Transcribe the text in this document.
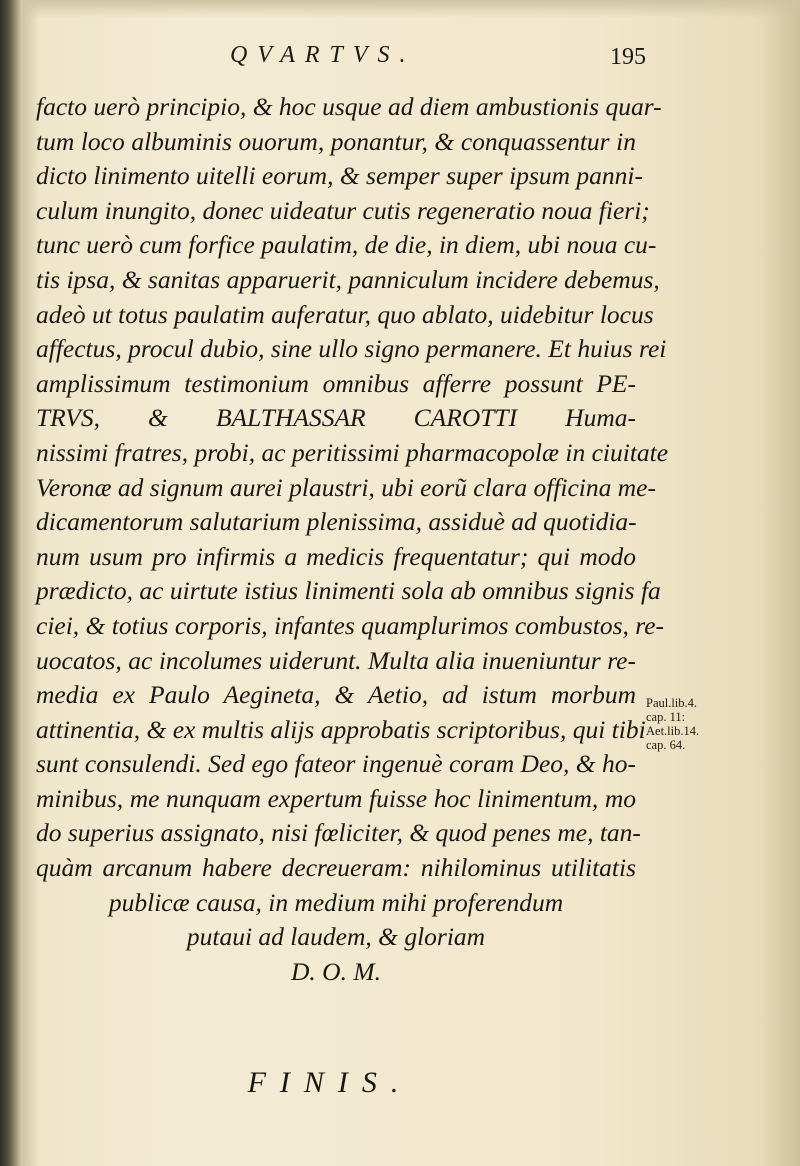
QVARTVS.	195
facto uerò principio, & hoc usque ad diem ambustionis quar-
tum loco albuminis ouorum, ponantur, & conquassentur in
dicto linimento uitelli eorum, & semper super ipsum panni-
culum inungito, donec uideatur cutis regeneratio noua fieri;
tunc uerò cum forfice paulatim, de die, in diem, ubi noua cu-
tis ipsa, & sanitas apparuerit, panniculum incidere debemus,
adeò ut totus paulatim auferatur, quo ablato, uidebitur locus
affectus, procul dubio, sine ullo signo permanere. Et huius rei
amplissimum testimonium omnibus afferre possunt PE-
TRVS, & BALTHASSAR CAROTTI Huma-
nissimi fratres, probi, ac peritissimi pharmacopolæ in ciuitate
Veronæ ad signum aurei plaustri, ubi eorũ clara officina me-
dicamentorum salutarium plenissima, assiduè ad quotidia-
num usum pro infirmis a medicis frequentatur; qui modo
prædicto, ac uirtute istius linimenti sola ab omnibus signis fa
ciei, & totius corporis, infantes quamplurimos combustos, re-
uocatos, ac incolumes uiderunt. Multa alia inueniuntur re-
media ex Paulo Aegineta, & Aetio, ad istum morbum
attinentia, & ex multis alijs approbatis scriptoribus, qui tibi
sunt consulendi. Sed ego fateor ingenuè coram Deo, & ho-
minibus, me nunquam expertum fuisse hoc linimentum, mo
do superius assignato, nisi fœliciter, & quod penes me, tan-
quàm arcanum habere decreueram: nihilominus utilitatis
publicæ causa, in medium mihi proferendum
putaui ad laudem, & gloriam
D. O. M.
Paul.lib.4.
cap. 11:
Aet.lib.14.
cap. 64.
FINIS.
